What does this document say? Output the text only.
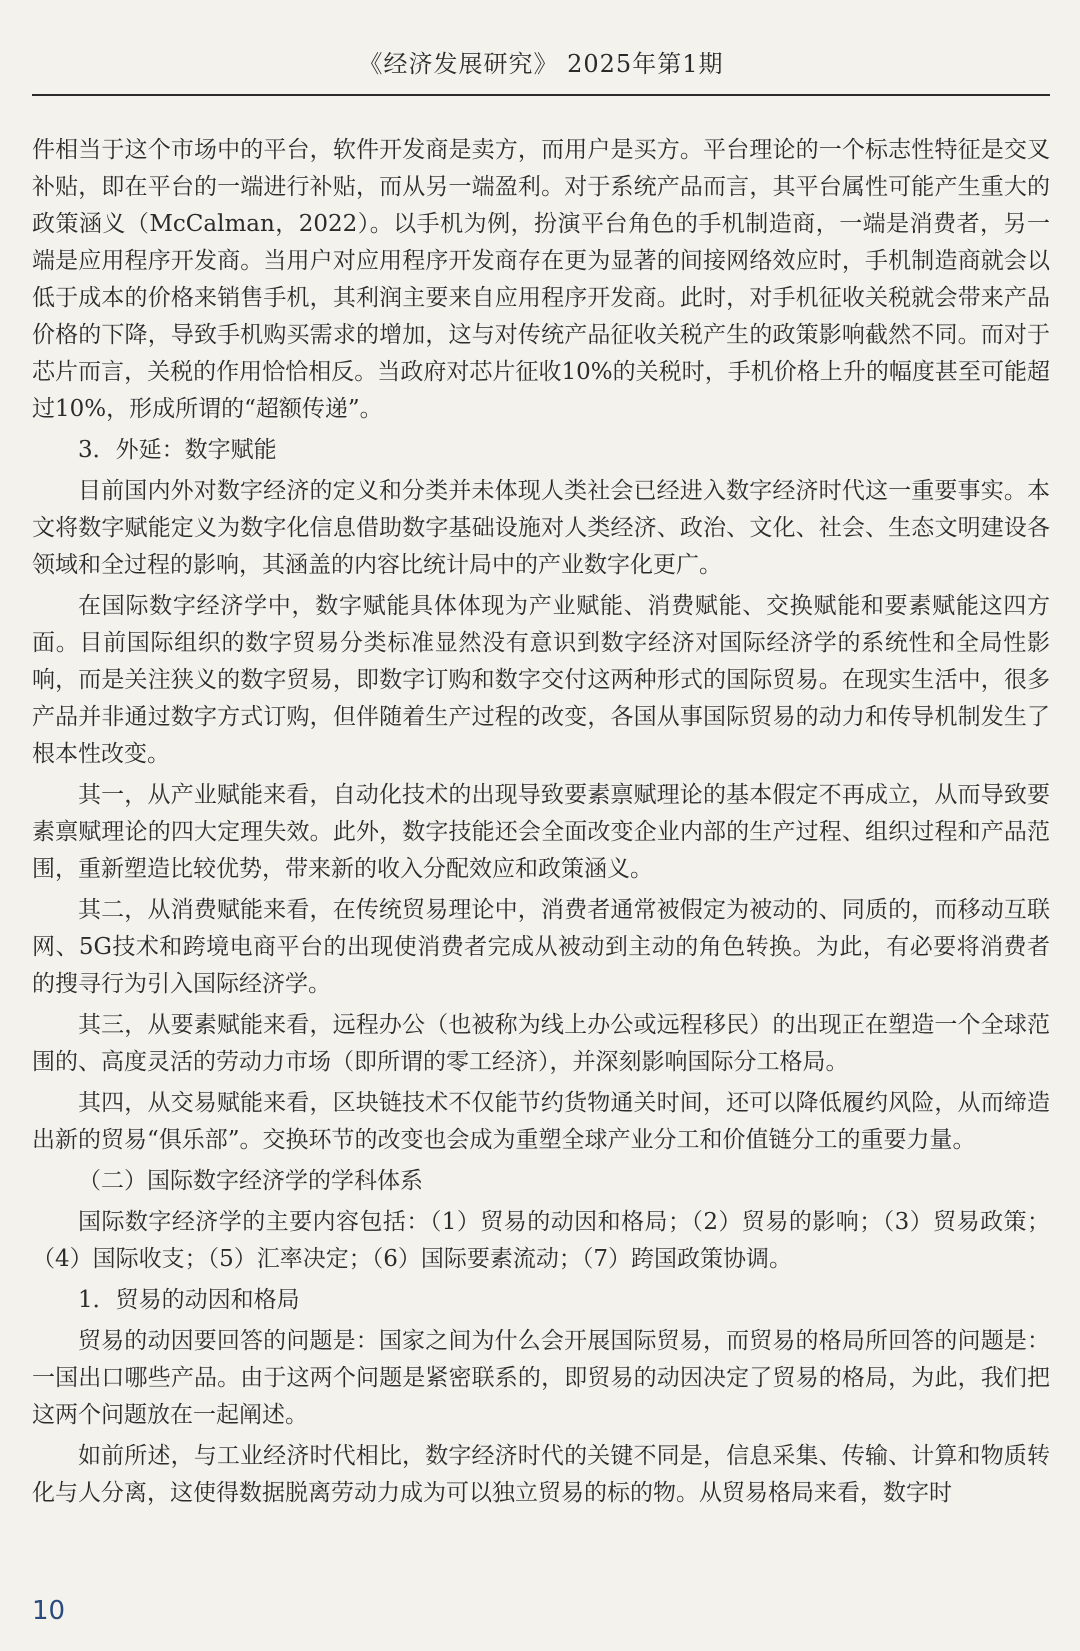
《经济发展研究》 2025年第1期

件相当于这个市场中的平台，软件开发商是卖方，而用户是买方。平台理论的一个标志性特征是交叉补贴，即在平台的一端进行补贴，而从另一端盈利。对于系统产品而言，其平台属性可能产生重大的政策涵义（McCalman，2022）。以手机为例，扮演平台角色的手机制造商，一端是消费者，另一端是应用程序开发商。当用户对应用程序开发商存在更为显著的间接网络效应时，手机制造商就会以低于成本的价格来销售手机，其利润主要来自应用程序开发商。此时，对手机征收关税就会带来产品价格的下降，导致手机购买需求的增加，这与对传统产品征收关税产生的政策影响截然不同。而对于芯片而言，关税的作用恰恰相反。当政府对芯片征收10%的关税时，手机价格上升的幅度甚至可能超过10%，形成所谓的“超额传递”。

3．外延：数字赋能

目前国内外对数字经济的定义和分类并未体现人类社会已经进入数字经济时代这一重要事实。本文将数字赋能定义为数字化信息借助数字基础设施对人类经济、政治、文化、社会、生态文明建设各领域和全过程的影响，其涵盖的内容比统计局中的产业数字化更广。

在国际数字经济学中，数字赋能具体体现为产业赋能、消费赋能、交换赋能和要素赋能这四方面。目前国际组织的数字贸易分类标准显然没有意识到数字经济对国际经济学的系统性和全局性影响，而是关注狭义的数字贸易，即数字订购和数字交付这两种形式的国际贸易。在现实生活中，很多产品并非通过数字方式订购，但伴随着生产过程的改变，各国从事国际贸易的动力和传导机制发生了根本性改变。

其一，从产业赋能来看，自动化技术的出现导致要素禀赋理论的基本假定不再成立，从而导致要素禀赋理论的四大定理失效。此外，数字技能还会全面改变企业内部的生产过程、组织过程和产品范围，重新塑造比较优势，带来新的收入分配效应和政策涵义。

其二，从消费赋能来看，在传统贸易理论中，消费者通常被假定为被动的、同质的，而移动互联网、5G技术和跨境电商平台的出现使消费者完成从被动到主动的角色转换。为此，有必要将消费者的搜寻行为引入国际经济学。

其三，从要素赋能来看，远程办公（也被称为线上办公或远程移民）的出现正在塑造一个全球范围的、高度灵活的劳动力市场（即所谓的零工经济），并深刻影响国际分工格局。

其四，从交易赋能来看，区块链技术不仅能节约货物通关时间，还可以降低履约风险，从而缔造出新的贸易“俱乐部”。交换环节的改变也会成为重塑全球产业分工和价值链分工的重要力量。

（二）国际数字经济学的学科体系

国际数字经济学的主要内容包括：（1）贸易的动因和格局；（2）贸易的影响；（3）贸易政策；（4）国际收支；（5）汇率决定；（6）国际要素流动；（7）跨国政策协调。

1．贸易的动因和格局

贸易的动因要回答的问题是：国家之间为什么会开展国际贸易，而贸易的格局所回答的问题是：一国出口哪些产品。由于这两个问题是紧密联系的，即贸易的动因决定了贸易的格局，为此，我们把这两个问题放在一起阐述。

如前所述，与工业经济时代相比，数字经济时代的关键不同是，信息采集、传输、计算和物质转化与人分离，这使得数据脱离劳动力成为可以独立贸易的标的物。从贸易格局来看，数字时

10
